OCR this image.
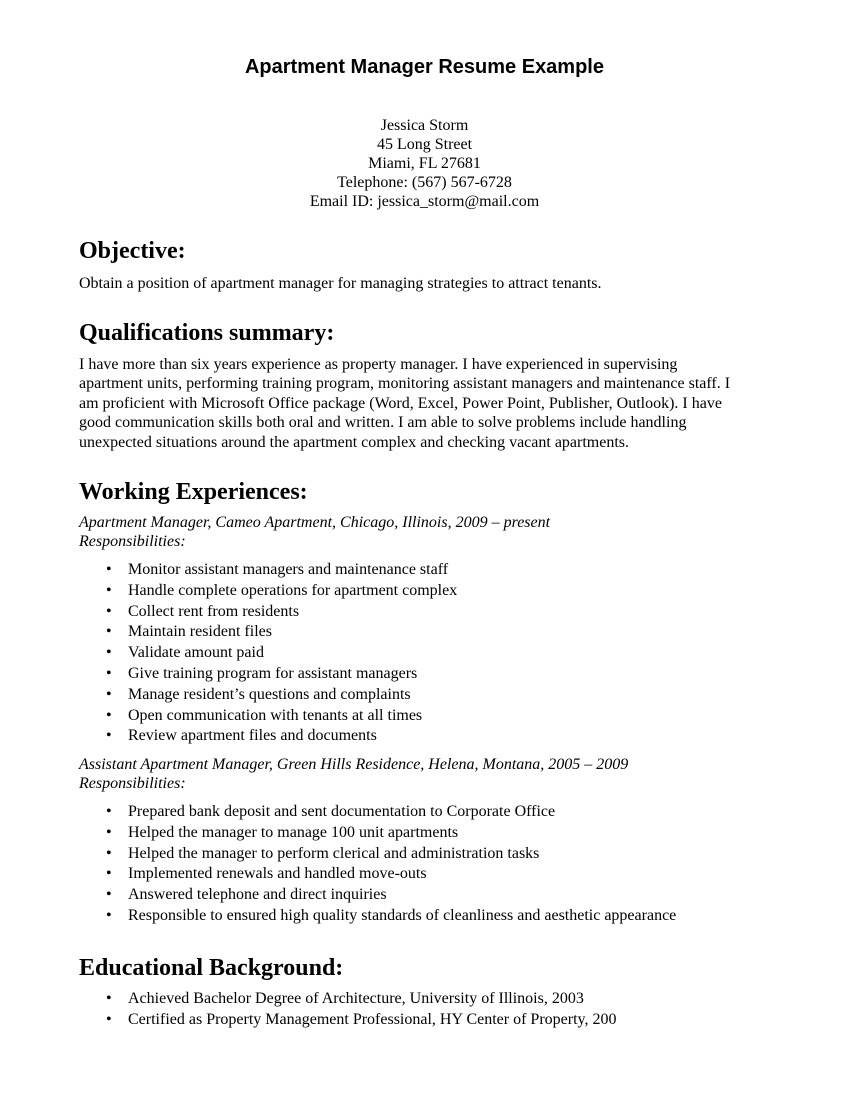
Apartment Manager Resume Example
Jessica Storm
45 Long Street
Miami, FL 27681
Telephone: (567) 567-6728
Email ID: jessica_storm@mail.com
Objective:
Obtain a position of apartment manager for managing strategies to attract tenants.
Qualifications summary:
I have more than six years experience as property manager. I have experienced in supervising
apartment units, performing training program, monitoring assistant managers and maintenance staff. I
am proficient with Microsoft Office package (Word, Excel, Power Point, Publisher, Outlook). I have
good communication skills both oral and written. I am able to solve problems include handling
unexpected situations around the apartment complex and checking vacant apartments.
Working Experiences:
Apartment Manager, Cameo Apartment, Chicago, Illinois, 2009 – present
Responsibilities:
• Monitor assistant managers and maintenance staff
• Handle complete operations for apartment complex
• Collect rent from residents
• Maintain resident files
• Validate amount paid
• Give training program for assistant managers
• Manage resident’s questions and complaints
• Open communication with tenants at all times
• Review apartment files and documents
Assistant Apartment Manager, Green Hills Residence, Helena, Montana, 2005 – 2009
Responsibilities:
• Prepared bank deposit and sent documentation to Corporate Office
• Helped the manager to manage 100 unit apartments
• Helped the manager to perform clerical and administration tasks
• Implemented renewals and handled move-outs
• Answered telephone and direct inquiries
• Responsible to ensured high quality standards of cleanliness and aesthetic appearance
Educational Background:
• Achieved Bachelor Degree of Architecture, University of Illinois, 2003
• Certified as Property Management Professional, HY Center of Property, 200
